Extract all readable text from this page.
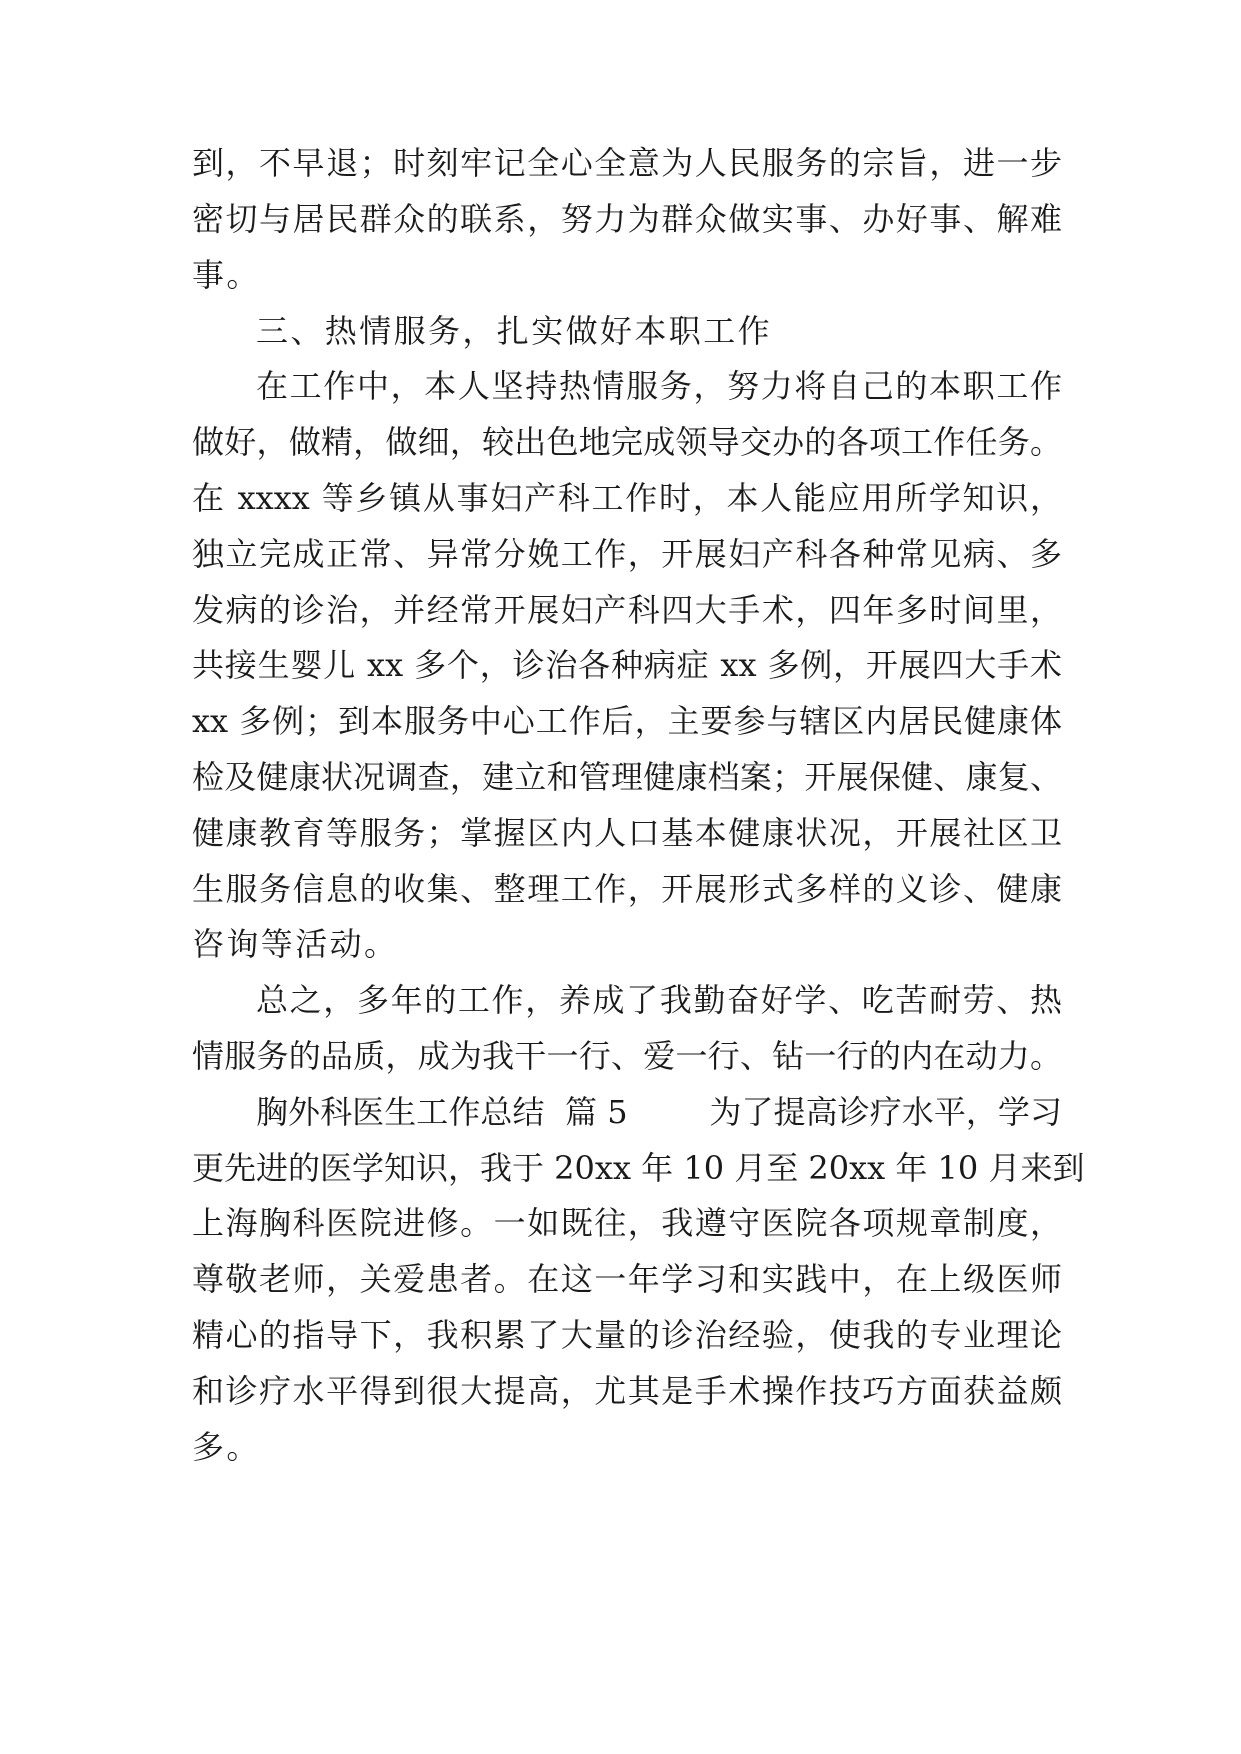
到，不早退；时刻牢记全心全意为人民服务的宗旨，进一步
密切与居民群众的联系，努力为群众做实事、办好事、解难
事。
三、热情服务，扎实做好本职工作
在工作中，本人坚持热情服务，努力将自己的本职工作
做好，做精，做细，较出色地完成领导交办的各项工作任务。
在 xxxx 等乡镇从事妇产科工作时，本人能应用所学知识，
独立完成正常、异常分娩工作，开展妇产科各种常见病、多
发病的诊治，并经常开展妇产科四大手术，四年多时间里，
共接生婴儿 xx 多个，诊治各种病症 xx 多例，开展四大手术
xx 多例；到本服务中心工作后，主要参与辖区内居民健康体
检及健康状况调查，建立和管理健康档案；开展保健、康复、
健康教育等服务；掌握区内人口基本健康状况，开展社区卫
生服务信息的收集、整理工作，开展形式多样的义诊、健康
咨询等活动。
总之，多年的工作，养成了我勤奋好学、吃苦耐劳、热
情服务的品质，成为我干一行、爱一行、钻一行的内在动力。
胸外科医生工作总结  篇 5        为了提高诊疗水平，学习
更先进的医学知识，我于 20xx 年 10 月至 20xx 年 10 月来到
上海胸科医院进修。一如既往，我遵守医院各项规章制度，
尊敬老师，关爱患者。在这一年学习和实践中，在上级医师
精心的指导下，我积累了大量的诊治经验，使我的专业理论
和诊疗水平得到很大提高，尤其是手术操作技巧方面获益颇
多。
